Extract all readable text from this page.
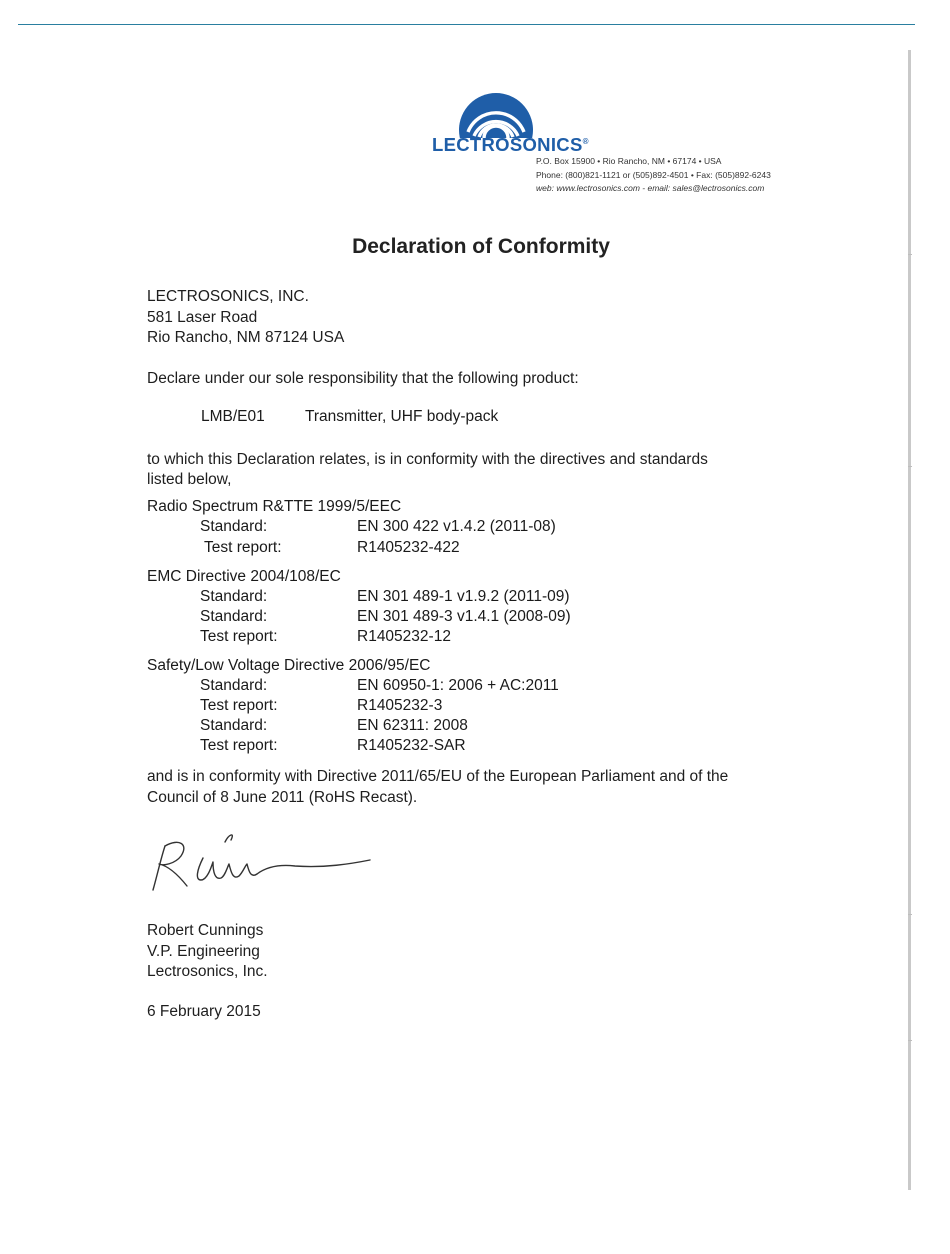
LECTROSONICS®
P.O. Box 15900 • Rio Rancho, NM • 67174 • USA
Phone: (800)821-1121 or (505)892-4501 • Fax: (505)892-6243
web: www.lectrosonics.com - email: sales@lectrosonics.com
Declaration of Conformity
LECTROSONICS, INC.
581 Laser Road
Rio Rancho, NM 87124 USA
Declare under our sole responsibility that the following product:
LMB/E01	Transmitter, UHF body-pack
to which this Declaration relates, is in conformity with the directives and standards
listed below,
Radio Spectrum R&TTE 1999/5/EEC
Standard:	EN 300 422 v1.4.2 (2011-08)
Test report:	R1405232-422
EMC Directive 2004/108/EC
Standard:	EN 301 489-1 v1.9.2 (2011-09)
Standard:	EN 301 489-3 v1.4.1 (2008-09)
Test report:	R1405232-12
Safety/Low Voltage Directive 2006/95/EC
Standard:	EN 60950-1: 2006 + AC:2011
Test report:	R1405232-3
Standard:	EN 62311: 2008
Test report:	R1405232-SAR
and is in conformity with Directive 2011/65/EU of the European Parliament and of the
Council of 8 June 2011 (RoHS Recast).
Robert Cunnings
V.P. Engineering
Lectrosonics, Inc.
6 February 2015
